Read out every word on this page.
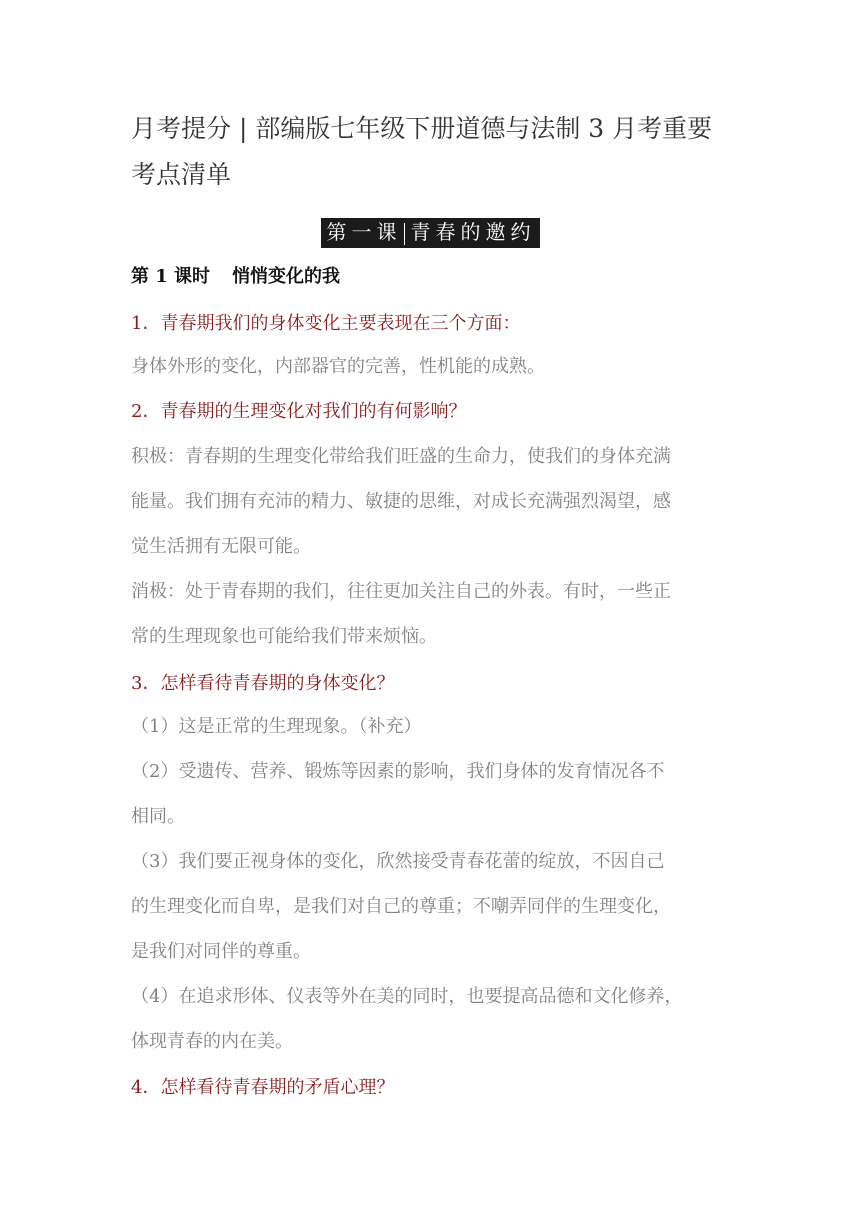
月考提分 | 部编版七年级下册道德与法制 3 月考重要
考点清单
第一课 青春的邀约
第 1 课时 悄悄变化的我

1．青春期我们的身体变化主要表现在三个方面：

身体外形的变化，内部器官的完善，性机能的成熟。

2．青春期的生理变化对我们的有何影响？

积极：青春期的生理变化带给我们旺盛的生命力，使我们的身体充满
能量。我们拥有充沛的精力、敏捷的思维，对成长充满强烈渴望，感
觉生活拥有无限可能。
消极：处于青春期的我们，往往更加关注自己的外表。有时，一些正
常的生理现象也可能给我们带来烦恼。

3．怎样看待青春期的身体变化？

（1）这是正常的生理现象。（补充）
（2）受遗传、营养、锻炼等因素的影响，我们身体的发育情况各不
相同。
（3）我们要正视身体的变化，欣然接受青春花蕾的绽放，不因自己
的生理变化而自卑，是我们对自己的尊重；不嘲弄同伴的生理变化，
是我们对同伴的尊重。
（4）在追求形体、仪表等外在美的同时，也要提高品德和文化修养，
体现青春的内在美。

4．怎样看待青春期的矛盾心理？
